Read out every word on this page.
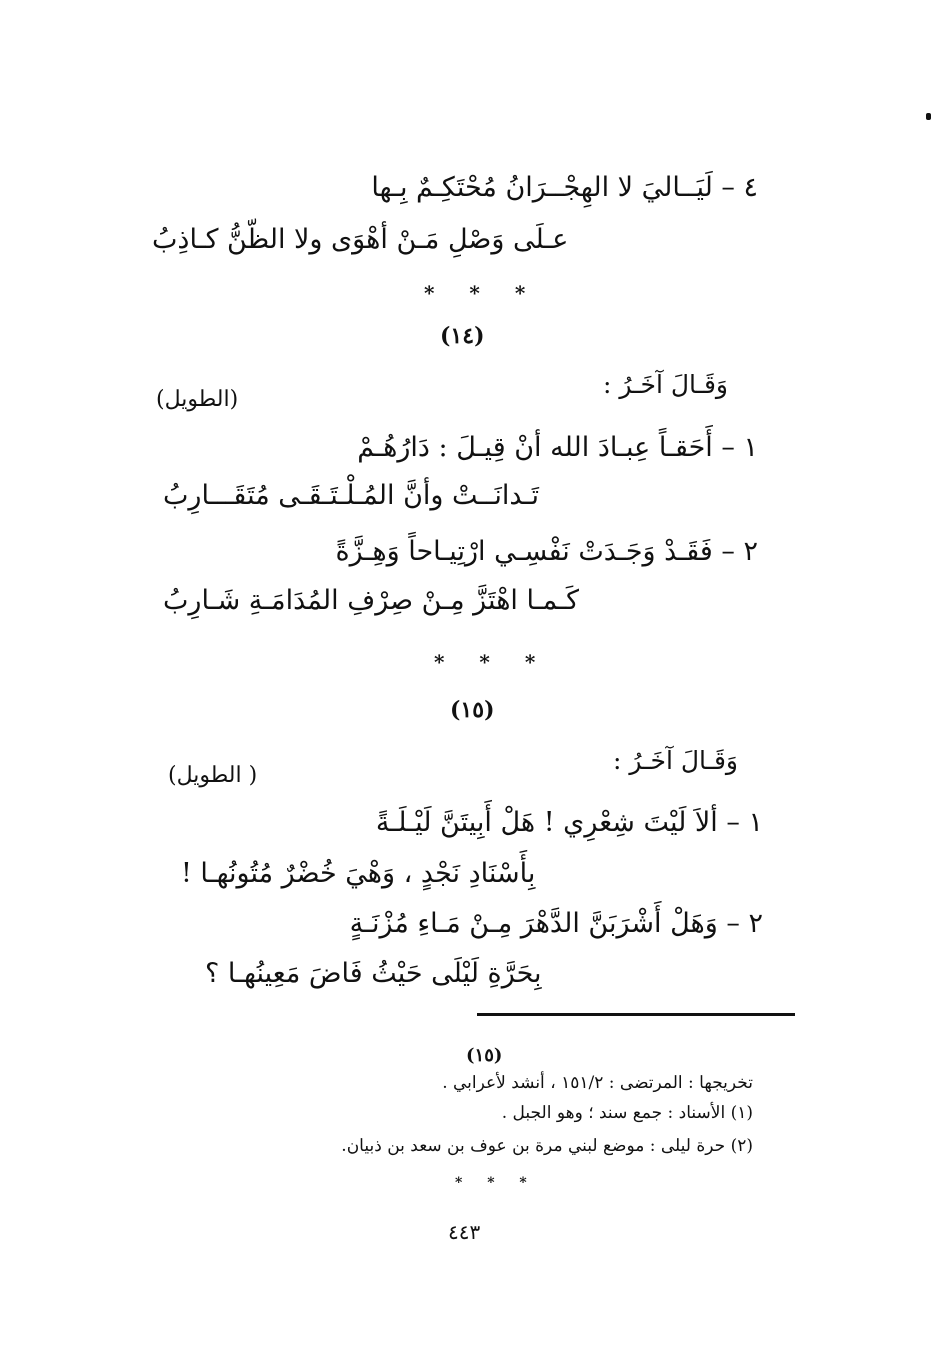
٤ – لَيَــاليَ لا الهِجْــرَانُ مُحْتَكِـمٌ بِـها
عـلَى وَصْلِ مَـنْ أهْوَى ولا الظّنُّ كـاذِبُ
* * *
(١٤)
وَقَـالَ آخَـرُ :
(الطويل)
١ – أَحَقـاً عِبـادَ الله أنْ قِيـلَ : دَارُهُـمْ
تَـدانَــتْ وأنَّ المُـلْـتَـقَـى مُتَقَـــارِبُ
٢ – فَقَـدْ وَجَـدَتْ نَفْسِـي ارْتِيـاحاً وَهِـزَّةً
كَـمـا اهْتَزَّ مِـنْ صِرْفِ المُدَامَـةِ شَـارِبُ
* * *
(١٥)
وَقَـالَ آخَـرُ :
( الطويل)
١ – ألاَ لَيْتَ شِعْرِي ! هَلْ أَبِيتَنَّ لَيْـلَـةً
بِأَسْنَادِ نَجْدٍ ، وَهْيَ خُضْرٌ مُتُونُهـا !
٢ – وَهَلْ أَشْرَبَنَّ الدَّهْرَ مِـنْ مَـاءِ مُزْنَـةٍ
بِحَرَّةِ لَيْلَى حَيْثُ فَاضَ مَعِينُهـا ؟
(١٥)
تخريجها : المرتضى : ١٥١/٢ ، أنشد لأعرابي .
(١) الأسناد : جمع سند ؛ وهو الجبل .
(٢) حرة ليلى : موضع لبني مرة بن عوف بن سعد بن ذبيان.
* * *
٤٤٣
